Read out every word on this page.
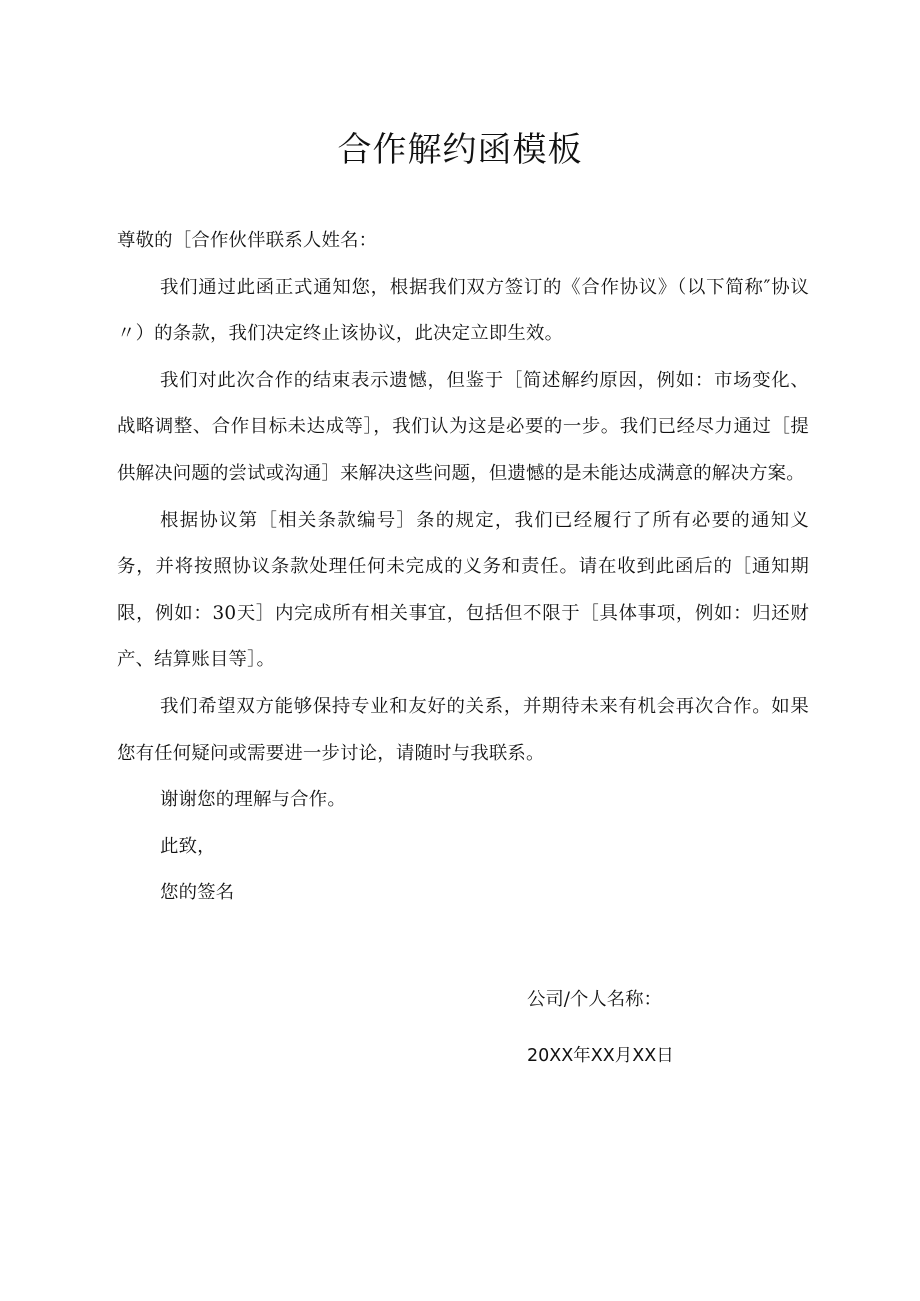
合作解约函模板

尊敬的［合作伙伴联系人姓名：

我们通过此函正式通知您，根据我们双方签订的《合作协议》（以下简称″协议〃）的条款，我们决定终止该协议，此决定立即生效。

我们对此次合作的结束表示遗憾，但鉴于［简述解约原因，例如：市场变化、战略调整、合作目标未达成等］，我们认为这是必要的一步。我们已经尽力通过［提供解决问题的尝试或沟通］来解决这些问题，但遗憾的是未能达成满意的解决方案。

根据协议第［相关条款编号］条的规定，我们已经履行了所有必要的通知义务，并将按照协议条款处理任何未完成的义务和责任。请在收到此函后的［通知期限，例如：30天］内完成所有相关事宜，包括但不限于［具体事项，例如：归还财产、结算账目等］。

我们希望双方能够保持专业和友好的关系，并期待未来有机会再次合作。如果您有任何疑问或需要进一步讨论，请随时与我联系。

谢谢您的理解与合作。

此致，

您的签名

公司/个人名称：
20XX年XX月XX日
